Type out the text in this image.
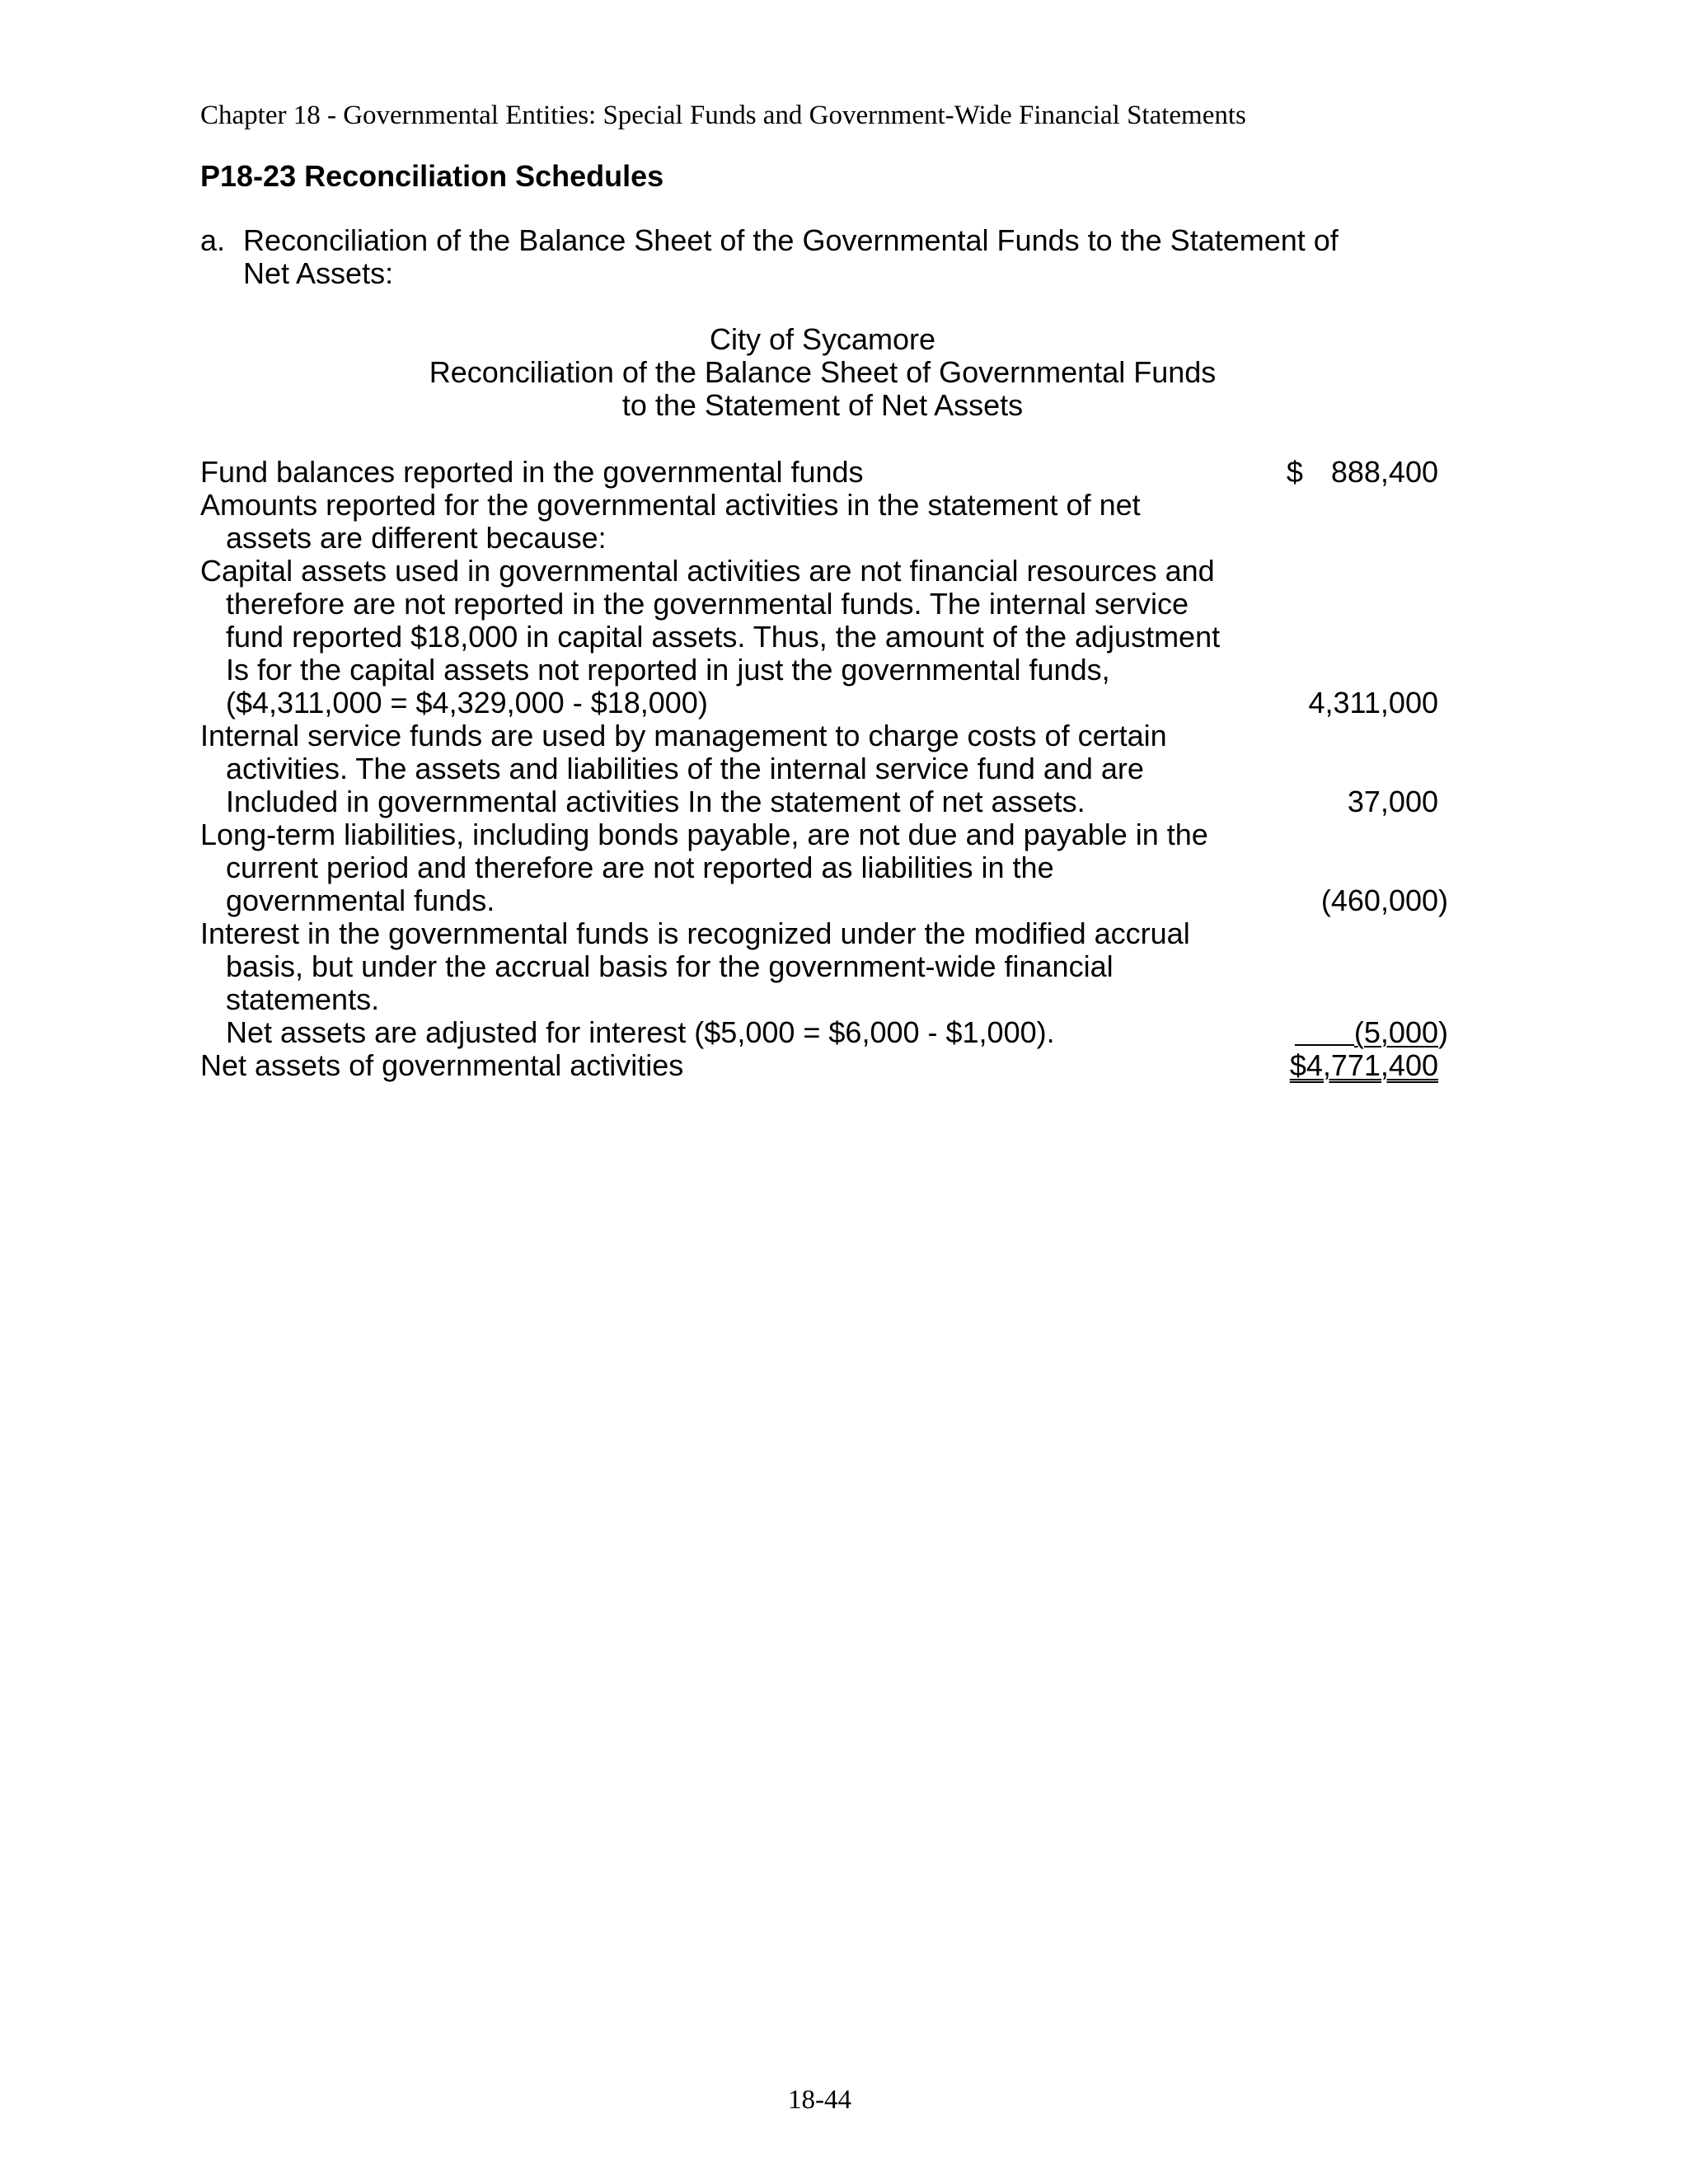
Chapter 18 - Governmental Entities: Special Funds and Government-Wide Financial Statements
P18-23 Reconciliation Schedules
a. Reconciliation of the Balance Sheet of the Governmental Funds to the Statement of
Net Assets:
City of Sycamore
Reconciliation of the Balance Sheet of Governmental Funds
to the Statement of Net Assets
Fund balances reported in the governmental funds	$ 888,400
Amounts reported for the governmental activities in the statement of net
assets are different because:
Capital assets used in governmental activities are not financial resources and
therefore are not reported in the governmental funds. The internal service
fund reported $18,000 in capital assets. Thus, the amount of the adjustment
Is for the capital assets not reported in just the governmental funds,
($4,311,000 = $4,329,000 - $18,000)	4,311,000
Internal service funds are used by management to charge costs of certain
activities. The assets and liabilities of the internal service fund and are
Included in governmental activities In the statement of net assets.	37,000
Long-term liabilities, including bonds payable, are not due and payable in the
current period and therefore are not reported as liabilities in the
governmental funds.	(460,000)
Interest in the governmental funds is recognized under the modified accrual
basis, but under the accrual basis for the government-wide financial
statements.
Net assets are adjusted for interest ($5,000 = $6,000 - $1,000).	(5,000)
Net assets of governmental activities	$4,771,400
18-44
